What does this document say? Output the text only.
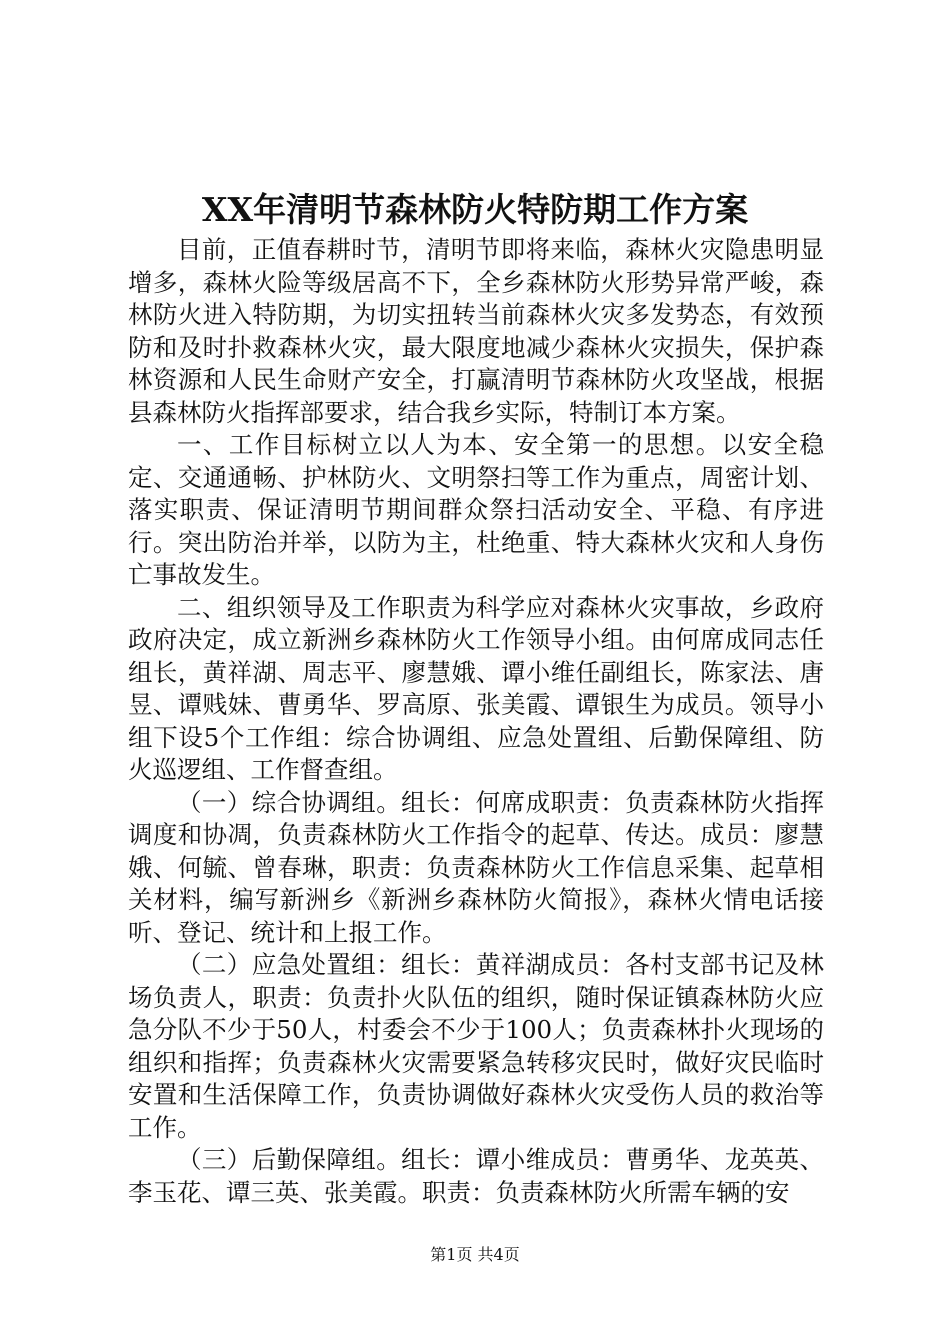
XX年清明节森林防火特防期工作方案

目前，正值春耕时节，清明节即将来临，森林火灾隐患明显增多，森林火险等级居高不下，全乡森林防火形势异常严峻，森林防火进入特防期，为切实扭转当前森林火灾多发势态，有效预防和及时扑救森林火灾，最大限度地减少森林火灾损失，保护森林资源和人民生命财产安全，打赢清明节森林防火攻坚战，根据县森林防火指挥部要求，结合我乡实际，特制订本方案。

一、工作目标树立以人为本、安全第一的思想。以安全稳定、交通通畅、护林防火、文明祭扫等工作为重点，周密计划、落实职责、保证清明节期间群众祭扫活动安全、平稳、有序进行。突出防治并举，以防为主，杜绝重、特大森林火灾和人身伤亡事故发生。

二、组织领导及工作职责为科学应对森林火灾事故，乡政府政府决定，成立新洲乡森林防火工作领导小组。由何席成同志任组长，黄祥湖、周志平、廖慧娥、谭小维任副组长，陈家法、唐昱、谭贱妹、曹勇华、罗高原、张美霞、谭银生为成员。领导小组下设5个工作组：综合协调组、应急处置组、后勤保障组、防火巡逻组、工作督查组。

（一）综合协调组。组长：何席成职责：负责森林防火指挥调度和协凋，负责森林防火工作指令的起草、传达。成员：廖慧娥、何毓、曾春琳，职责：负责森林防火工作信息采集、起草相关材料，编写新洲乡《新洲乡森林防火简报》，森林火情电话接听、登记、统计和上报工作。

（二）应急处置组：组长：黄祥湖成员：各村支部书记及林场负责人，职责：负责扑火队伍的组织，随时保证镇森林防火应急分队不少于50人，村委会不少于100人；负责森林扑火现场的组织和指挥；负责森林火灾需要紧急转移灾民时，做好灾民临时安置和生活保障工作，负责协调做好森林火灾受伤人员的救治等工作。

（三）后勤保障组。组长：谭小维成员：曹勇华、龙英英、李玉花、谭三英、张美霞。职责：负责森林防火所需车辆的安

第1页 共4页
